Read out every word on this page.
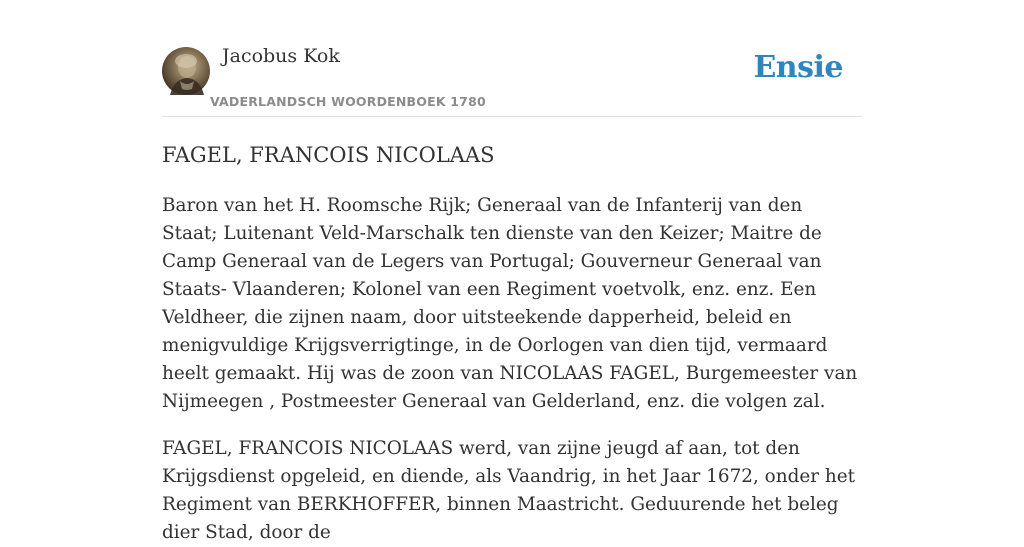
Jacobus Kok
VADERLANDSCH WOORDENBOEK 1780
Ensie
FAGEL, FRANCOIS NICOLAAS

Baron van het H. Roomsche Rijk; Generaal van de Infanterij van den Staat; Luitenant Veld-Marschalk ten dienste van den Keizer; Maitre de Camp Generaal van de Legers van Portugal; Gouverneur Generaal van Staats- Vlaanderen; Kolonel van een Regiment voetvolk, enz. enz. Een Veldheer, die zijnen naam, door uitsteekende dapperheid, beleid en menigvuldige Krijgsverrigtinge, in de Oorlogen van dien tijd, vermaard heelt gemaakt. Hij was de zoon van NICOLAAS FAGEL, Burgemeester van Nijmeegen , Postmeester Generaal van Gelderland, enz. die volgen zal.

FAGEL, FRANCOIS NICOLAAS werd, van zijne jeugd af aan, tot den Krijgsdienst opgeleid, en diende, als Vaandrig, in het Jaar 1672, onder het Regiment van BERKHOFFER, binnen Maastricht. Geduurende het beleg dier Stad, door de
